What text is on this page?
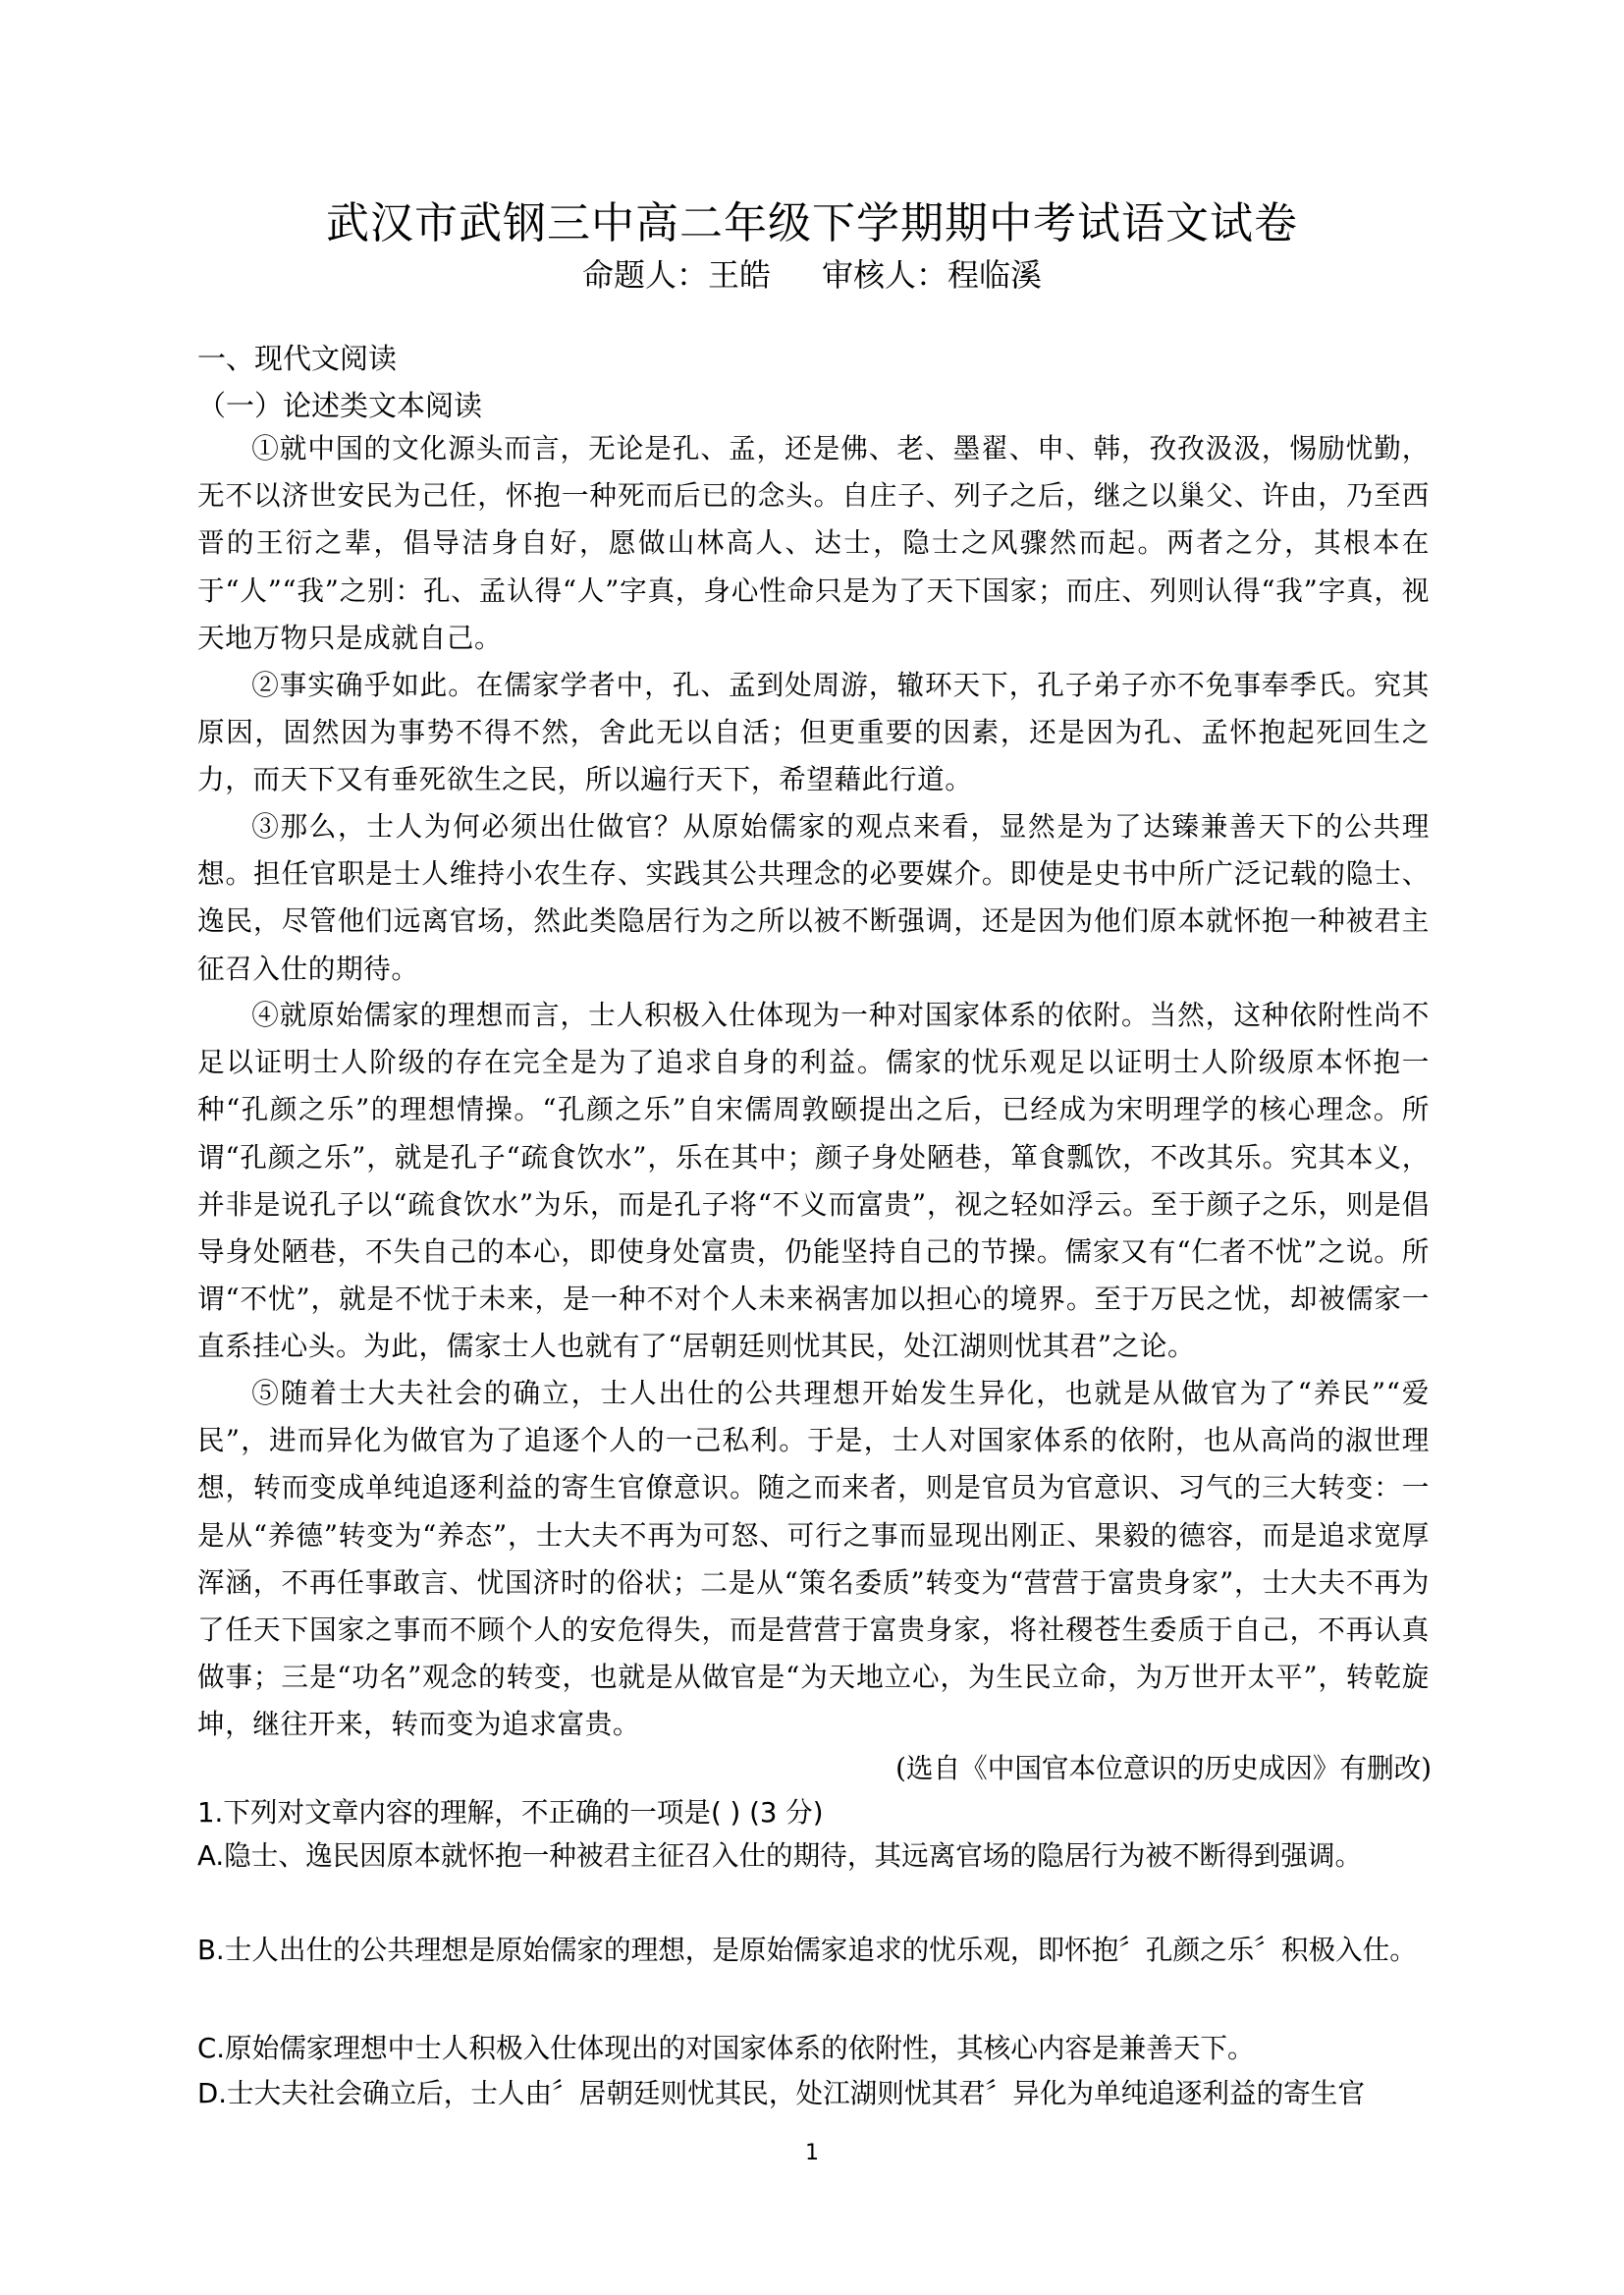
武汉市武钢三中高二年级下学期期中考试语文试卷
命题人：王皓 审核人：程临溪
一、现代文阅读
（一）论述类文本阅读
①就中国的文化源头而言，无论是孔、孟，还是佛、老、墨翟、申、韩，孜孜汲汲，惕励忧勤，无不以济世安民为己任，怀抱一种死而后已的念头。自庄子、列子之后，继之以巢父、许由，乃至西晋的王衍之辈，倡导洁身自好，愿做山林高人、达士，隐士之风骤然而起。两者之分，其根本在于“人”“我”之别：孔、孟认得“人”字真，身心性命只是为了天下国家；而庄、列则认得“我”字真，视天地万物只是成就自己。
②事实确乎如此。在儒家学者中，孔、孟到处周游，辙环天下，孔子弟子亦不免事奉季氏。究其原因，固然因为事势不得不然，舍此无以自活；但更重要的因素，还是因为孔、孟怀抱起死回生之力，而天下又有垂死欲生之民，所以遍行天下，希望藉此行道。
③那么，士人为何必须出仕做官？从原始儒家的观点来看，显然是为了达臻兼善天下的公共理想。担任官职是士人维持小农生存、实践其公共理念的必要媒介。即使是史书中所广泛记载的隐士、逸民，尽管他们远离官场，然此类隐居行为之所以被不断强调，还是因为他们原本就怀抱一种被君主征召入仕的期待。
④就原始儒家的理想而言，士人积极入仕体现为一种对国家体系的依附。当然，这种依附性尚不足以证明士人阶级的存在完全是为了追求自身的利益。儒家的忧乐观足以证明士人阶级原本怀抱一种“孔颜之乐”的理想情操。“孔颜之乐”自宋儒周敦颐提出之后，已经成为宋明理学的核心理念。所谓“孔颜之乐”，就是孔子“疏食饮水”，乐在其中；颜子身处陋巷，箪食瓢饮，不改其乐。究其本义，并非是说孔子以“疏食饮水”为乐，而是孔子将“不义而富贵”，视之轻如浮云。至于颜子之乐，则是倡导身处陋巷，不失自己的本心，即使身处富贵，仍能坚持自己的节操。儒家又有“仁者不忧”之说。所谓“不忧”，就是不忧于未来，是一种不对个人未来祸害加以担心的境界。至于万民之忧，却被儒家一直系挂心头。为此，儒家士人也就有了“居朝廷则忧其民，处江湖则忧其君”之论。
⑤随着士大夫社会的确立，士人出仕的公共理想开始发生异化，也就是从做官为了“养民”“爱民”，进而异化为做官为了追逐个人的一己私利。于是，士人对国家体系的依附，也从高尚的淑世理想，转而变成单纯追逐利益的寄生官僚意识。随之而来者，则是官员为官意识、习气的三大转变：一是从“养德”转变为“养态”，士大夫不再为可怒、可行之事而显现出刚正、果毅的德容，而是追求宽厚浑涵，不再任事敢言、忧国济时的俗状；二是从“策名委质”转变为“营营于富贵身家”，士大夫不再为了任天下国家之事而不顾个人的安危得失，而是营营于富贵身家，将社稷苍生委质于自己，不再认真做事；三是“功名”观念的转变，也就是从做官是“为天地立心，为生民立命，为万世开太平”，转乾旋坤，继往开来，转而变为追求富贵。
(选自《中国官本位意识的历史成因》有删改)
1.下列对文章内容的理解，不正确的一项是( ) (3 分)
A.隐士、逸民因原本就怀抱一种被君主征召入仕的期待，其远离官场的隐居行为被不断得到强调。
B.士人出仕的公共理想是原始儒家的理想，是原始儒家追求的忧乐观，即怀抱〞孔颜之乐〞积极入仕。
C.原始儒家理想中士人积极入仕体现出的对国家体系的依附性，其核心内容是兼善天下。
D.士大夫社会确立后，士人由〞居朝廷则忧其民，处江湖则忧其君〞异化为单纯追逐利益的寄生官
1
